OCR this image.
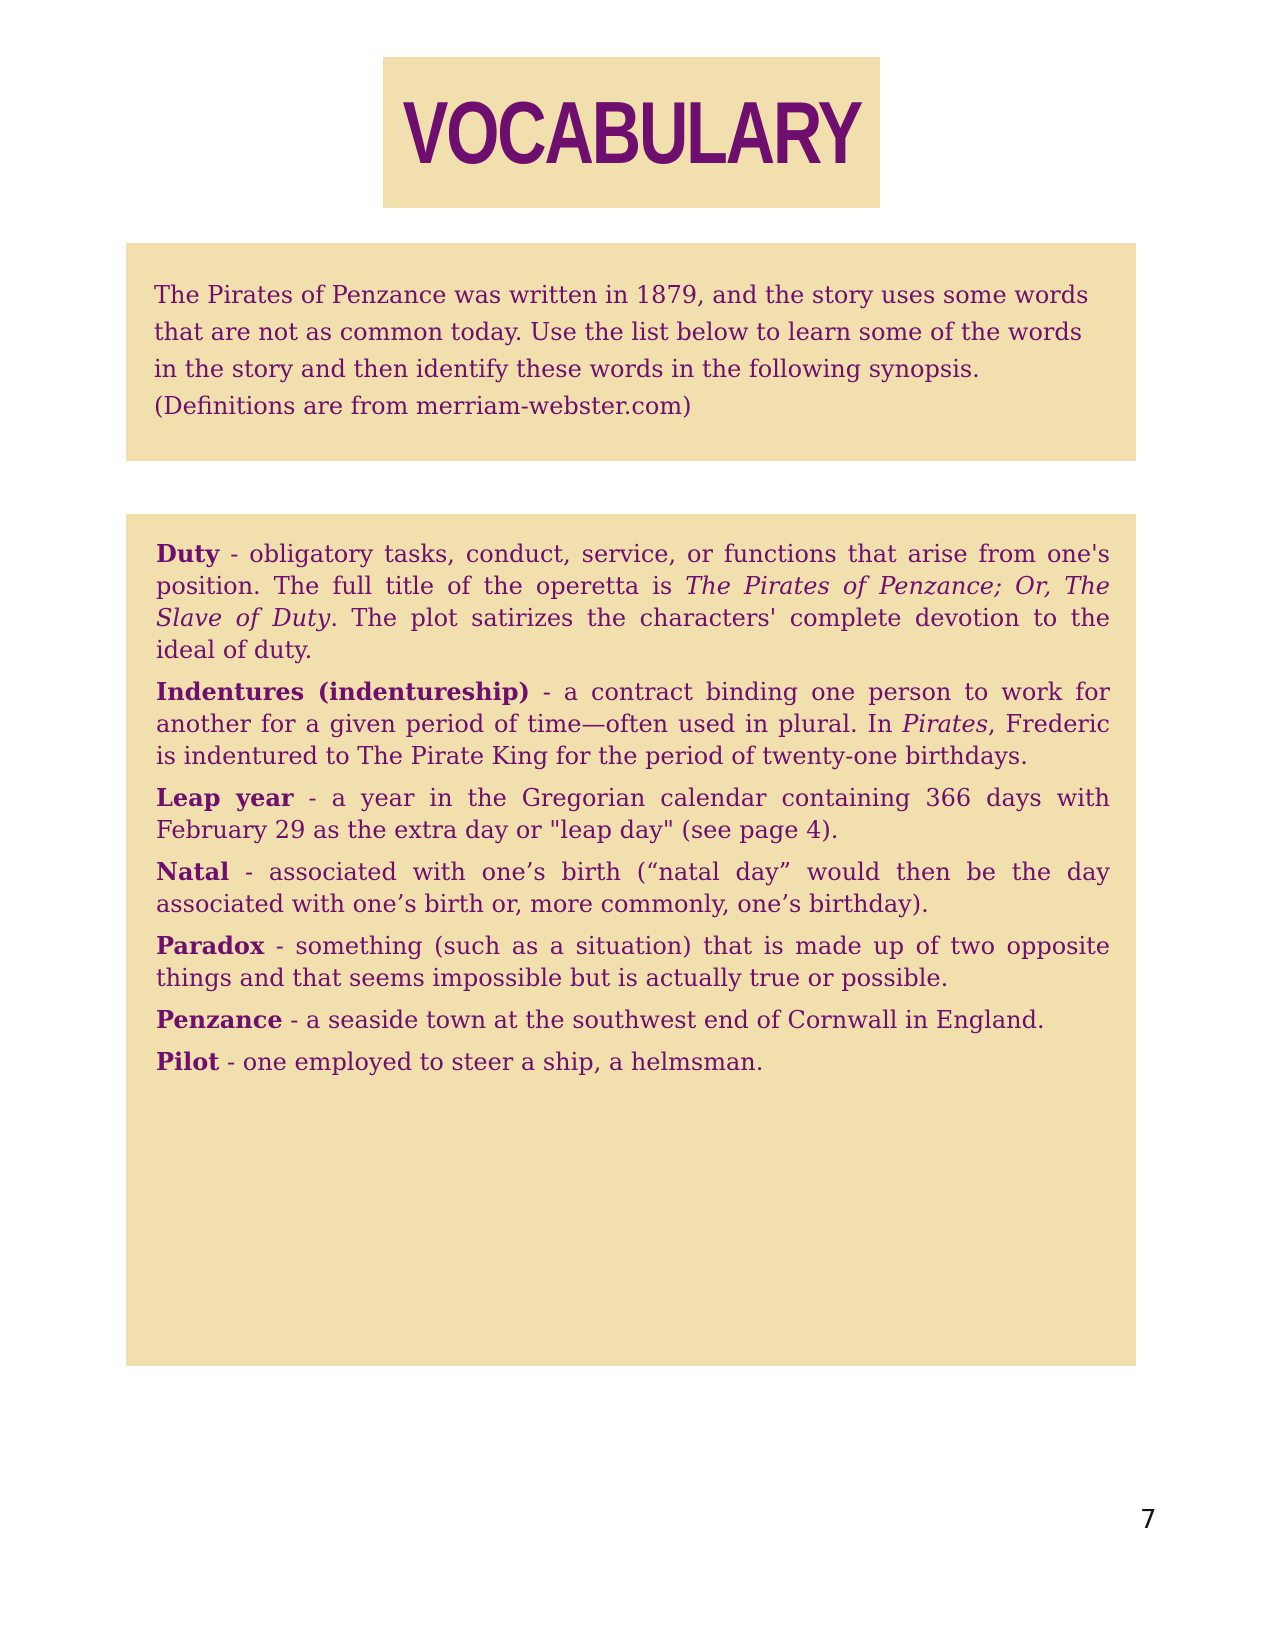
VOCABULARY

The Pirates of Penzance was written in 1879, and the story uses some words that are not as common today. Use the list below to learn some of the words in the story and then identify these words in the following synopsis. (Definitions are from merriam-webster.com)

Duty - obligatory tasks, conduct, service, or functions that arise from one's position. The full title of the operetta is The Pirates of Penzance; Or, The Slave of Duty. The plot satirizes the characters' complete devotion to the ideal of duty.

Indentures (indentureship) - a contract binding one person to work for another for a given period of time—often used in plural. In Pirates, Frederic is indentured to The Pirate King for the period of twenty-one birthdays.

Leap year - a year in the Gregorian calendar containing 366 days with February 29 as the extra day or "leap day" (see page 4).

Natal - associated with one’s birth (“natal day” would then be the day associated with one’s birth or, more commonly, one’s birthday).

Paradox - something (such as a situation) that is made up of two opposite things and that seems impossible but is actually true or possible.

Penzance - a seaside town at the southwest end of Cornwall in England.

Pilot - one employed to steer a ship, a helmsman.

7
